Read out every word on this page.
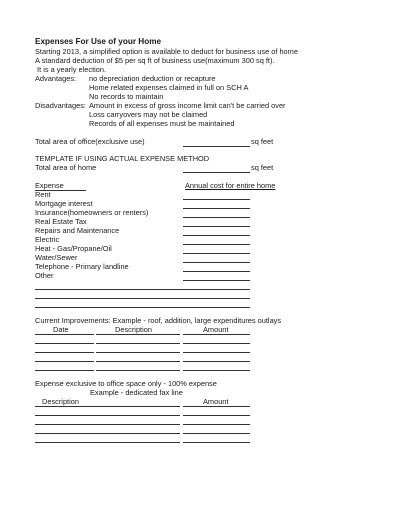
Expenses For Use of your Home
Starting 2013, a simplified option is available to deduct for business use of home
A standard deduction of $5 per sq ft of business use(maximum 300 sq ft).
It is a yearly election.
Advantages: no depreciation deduction or recapture
Home related expenses claimed in full on SCH A
No records to maintain
Disadvantages: Amount in excess of gross income limit can't be carried over
Loss carryovers may not be claimed
Records of all expenses must be maintained
Total area of office(exclusive use)	sq feet
TEMPLATE IF USING ACTUAL EXPENSE METHOD
Total area of home	sq feet
Expense	Annual cost for entire home
Rent
Mortgage interest
Insurance(homeowners or renters)
Real Estate Tax
Repairs and Maintenance
Electric
Heat - Gas/Propane/Oil
Water/Sewer
Telephone - Primary landline
Other
Current Improvements: Example - roof, addition, large expenditures outlays
Date	Description	Amount
Expense exclusive to office space only - 100% expense
Example - dedicated fax line
Description	Amount
